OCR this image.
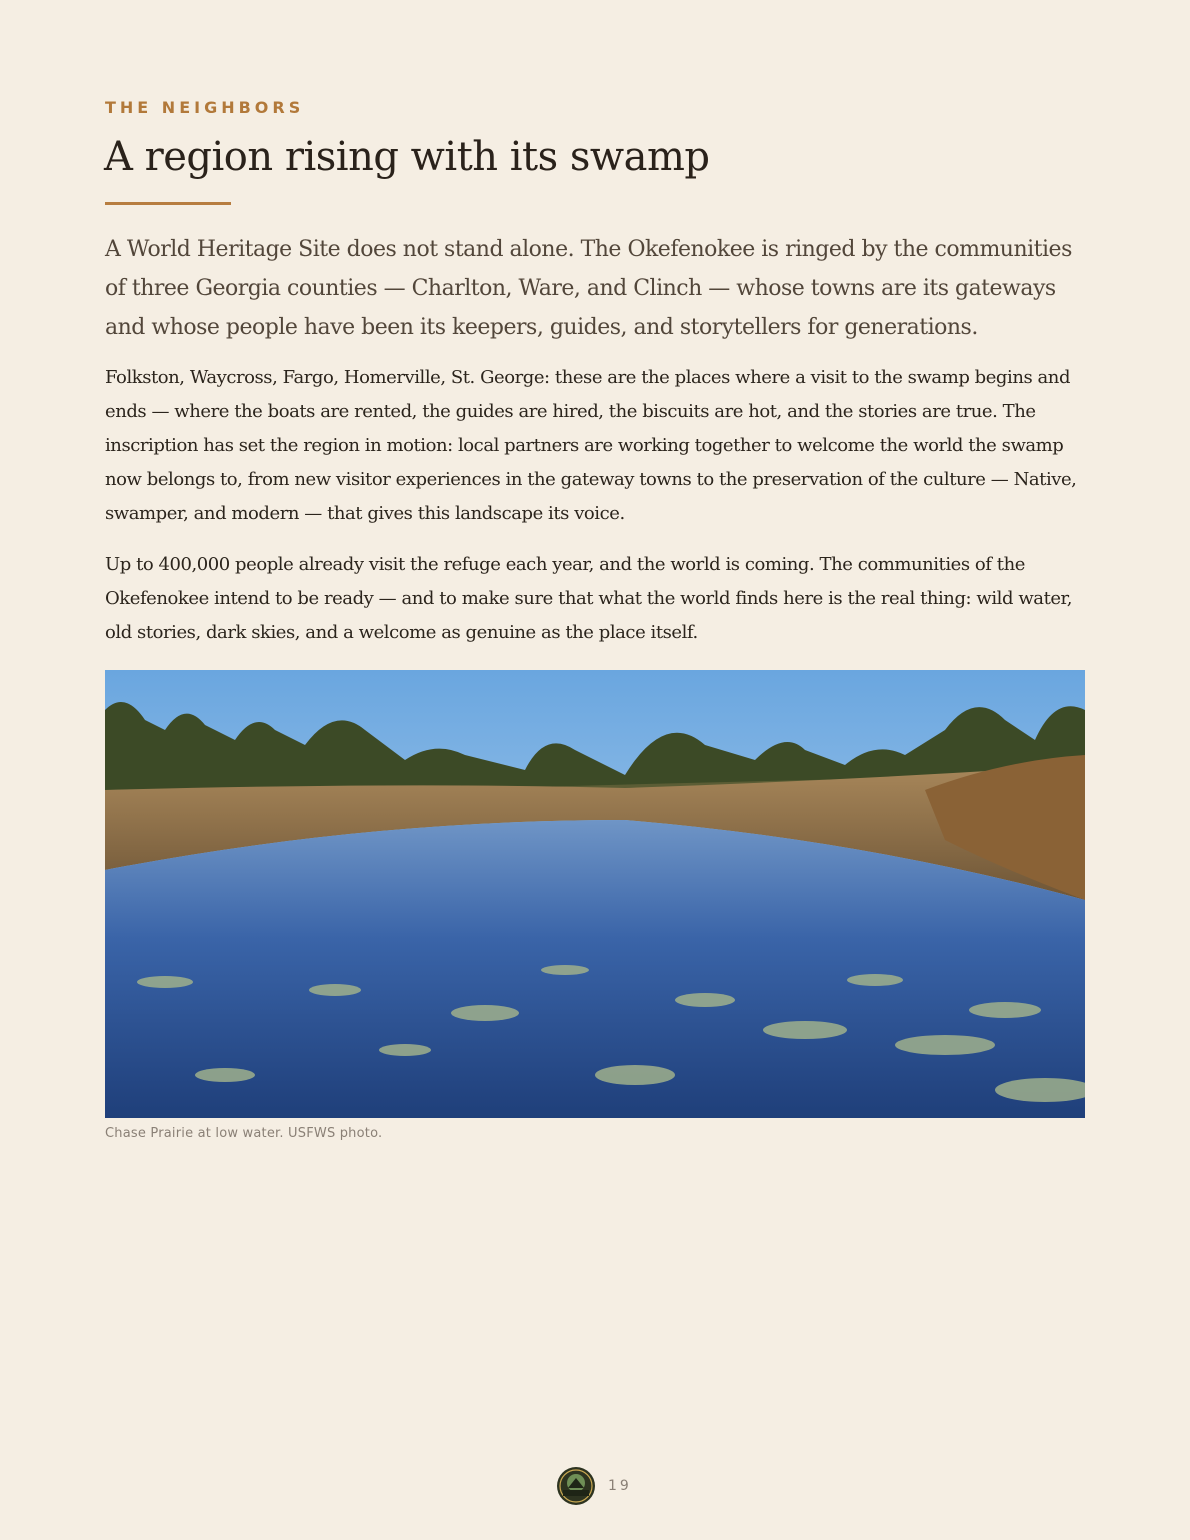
THE NEIGHBORS
A region rising with its swamp

A World Heritage Site does not stand alone. The Okefenokee is ringed by the communities of three Georgia counties — Charlton, Ware, and Clinch — whose towns are its gateways and whose people have been its keepers, guides, and storytellers for generations.

Folkston, Waycross, Fargo, Homerville, St. George: these are the places where a visit to the swamp begins and ends — where the boats are rented, the guides are hired, the biscuits are hot, and the stories are true. The inscription has set the region in motion: local partners are working together to welcome the world the swamp now belongs to, from new visitor experiences in the gateway towns to the preservation of the culture — Native, swamper, and modern — that gives this landscape its voice.

Up to 400,000 people already visit the refuge each year, and the world is coming. The communities of the Okefenokee intend to be ready — and to make sure that what the world finds here is the real thing: wild water, old stories, dark skies, and a welcome as genuine as the place itself.

Chase Prairie at low water. USFWS photo.
19
